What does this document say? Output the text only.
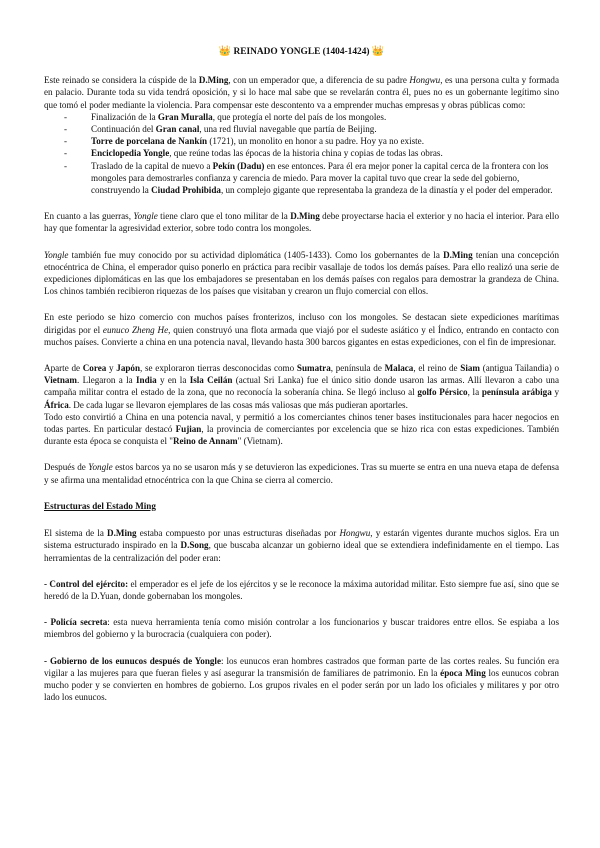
👑 REINADO YONGLE (1404-1424) 👑

Este reinado se considera la cúspide de la D.Ming, con un emperador que, a diferencia de su padre Hongwu, es una persona culta y formada en palacio. Durante toda su vida tendrá oposición, y si lo hace mal sabe que se revelarán contra él, pues no es un gobernante legítimo sino que tomó el poder mediante la violencia. Para compensar este descontento va a emprender muchas empresas y obras públicas como:

-	Finalización de la Gran Muralla, que protegía el norte del país de los mongoles.
-	Continuación del Gran canal, una red fluvial navegable que partía de Beijing.
-	Torre de porcelana de Nankín (1721), un monolito en honor a su padre. Hoy ya no existe.
-	Enciclopedia Yongle, que reúne todas las épocas de la historia china y copias de todas las obras.
-	Traslado de la capital de nuevo a Pekín (Dadu) en ese entonces. Para él era mejor poner la capital cerca de la frontera con los mongoles para demostrarles confianza y carencia de miedo. Para mover la capital tuvo que crear la sede del gobierno, construyendo la Ciudad Prohibida, un complejo gigante que representaba la grandeza de la dinastía y el poder del emperador.

En cuanto a las guerras, Yongle tiene claro que el tono militar de la D.Ming debe proyectarse hacia el exterior y no hacia el interior. Para ello hay que fomentar la agresividad exterior, sobre todo contra los mongoles.

Yongle también fue muy conocido por su actividad diplomática (1405-1433). Como los gobernantes de la D.Ming tenían una concepción etnocéntrica de China, el emperador quiso ponerlo en práctica para recibir vasallaje de todos los demás países. Para ello realizó una serie de expediciones diplomáticas en las que los embajadores se presentaban en los demás países con regalos para demostrar la grandeza de China. Los chinos también recibieron riquezas de los países que visitaban y crearon un flujo comercial con ellos.

En este periodo se hizo comercio con muchos países fronterizos, incluso con los mongoles. Se destacan siete expediciones marítimas dirigidas por el eunuco Zheng He, quien construyó una flota armada que viajó por el sudeste asiático y el Índico, entrando en contacto con muchos países. Convierte a china en una potencia naval, llevando hasta 300 barcos gigantes en estas expediciones, con el fin de impresionar.

Aparte de Corea y Japón, se exploraron tierras desconocidas como Sumatra, península de Malaca, el reino de Siam (antigua Tailandia) o Vietnam. Llegaron a la India y en la Isla Ceilán (actual Sri Lanka) fue el único sitio donde usaron las armas. Allí llevaron a cabo una campaña militar contra el estado de la zona, que no reconocía la soberanía china. Se llegó incluso al golfo Pérsico, la península arábiga y África. De cada lugar se llevaron ejemplares de las cosas más valiosas que más pudieran aportarles.
Todo esto convirtió a China en una potencia naval, y permitió a los comerciantes chinos tener bases institucionales para hacer negocios en todas partes. En particular destacó Fujian, la provincia de comerciantes por excelencia que se hizo rica con estas expediciones. También durante esta época se conquista el "Reino de Annam" (Vietnam).

Después de Yongle estos barcos ya no se usaron más y se detuvieron las expediciones. Tras su muerte se entra en una nueva etapa de defensa y se afirma una mentalidad etnocéntrica con la que China se cierra al comercio.

Estructuras del Estado Ming

El sistema de la D.Ming estaba compuesto por unas estructuras diseñadas por Hongwu, y estarán vigentes durante muchos siglos. Era un sistema estructurado inspirado en la D.Song, que buscaba alcanzar un gobierno ideal que se extendiera indefinidamente en el tiempo. Las herramientas de la centralización del poder eran:

- Control del ejército: el emperador es el jefe de los ejércitos y se le reconoce la máxima autoridad militar. Esto siempre fue así, sino que se heredó de la D.Yuan, donde gobernaban los mongoles.

- Policía secreta: esta nueva herramienta tenía como misión controlar a los funcionarios y buscar traidores entre ellos. Se espiaba a los miembros del gobierno y la burocracia (cualquiera con poder).

- Gobierno de los eunucos después de Yongle: los eunucos eran hombres castrados que forman parte de las cortes reales. Su función era vigilar a las mujeres para que fueran fieles y así asegurar la transmisión de familiares de patrimonio. En la época Ming los eunucos cobran mucho poder y se convierten en hombres de gobierno. Los grupos rivales en el poder serán por un lado los oficiales y militares y por otro lado los eunucos.
